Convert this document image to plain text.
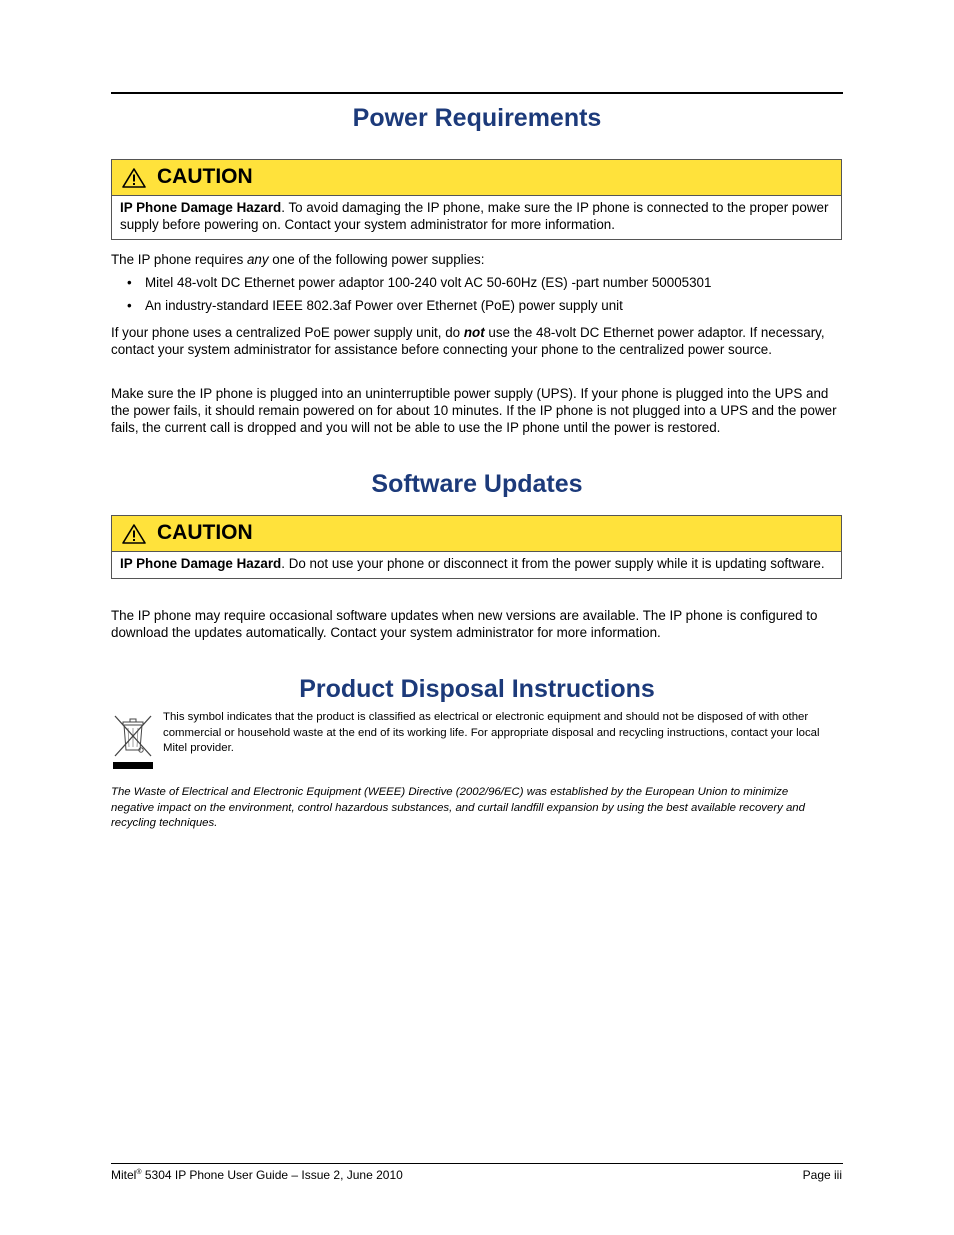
Power Requirements
CAUTION
IP Phone Damage Hazard. To avoid damaging the IP phone, make sure the IP phone is connected to the proper power supply before powering on. Contact your system administrator for more information.

The IP phone requires any one of the following power supplies:

• Mitel 48-volt DC Ethernet power adaptor 100-240 volt AC 50-60Hz (ES) -part number 50005301
• An industry-standard IEEE 802.3af Power over Ethernet (PoE) power supply unit

If your phone uses a centralized PoE power supply unit, do not use the 48-volt DC Ethernet power adaptor. If necessary, contact your system administrator for assistance before connecting your phone to the centralized power source.

Make sure the IP phone is plugged into an uninterruptible power supply (UPS). If your phone is plugged into the UPS and the power fails, it should remain powered on for about 10 minutes. If the IP phone is not plugged into a UPS and the power fails, the current call is dropped and you will not be able to use the IP phone until the power is restored.

Software Updates
CAUTION
IP Phone Damage Hazard. Do not use your phone or disconnect it from the power supply while it is updating software.

The IP phone may require occasional software updates when new versions are available. The IP phone is configured to download the updates automatically. Contact your system administrator for more information.

Product Disposal Instructions

This symbol indicates that the product is classified as electrical or electronic equipment and should not be disposed of with other commercial or household waste at the end of its working life. For appropriate disposal and recycling instructions, contact your local Mitel provider.

The Waste of Electrical and Electronic Equipment (WEEE) Directive (2002/96/EC) was established by the European Union to minimize negative impact on the environment, control hazardous substances, and curtail landfill expansion by using the best available recovery and recycling techniques.

Mitel® 5304 IP Phone User Guide – Issue 2, June 2010	Page iii
